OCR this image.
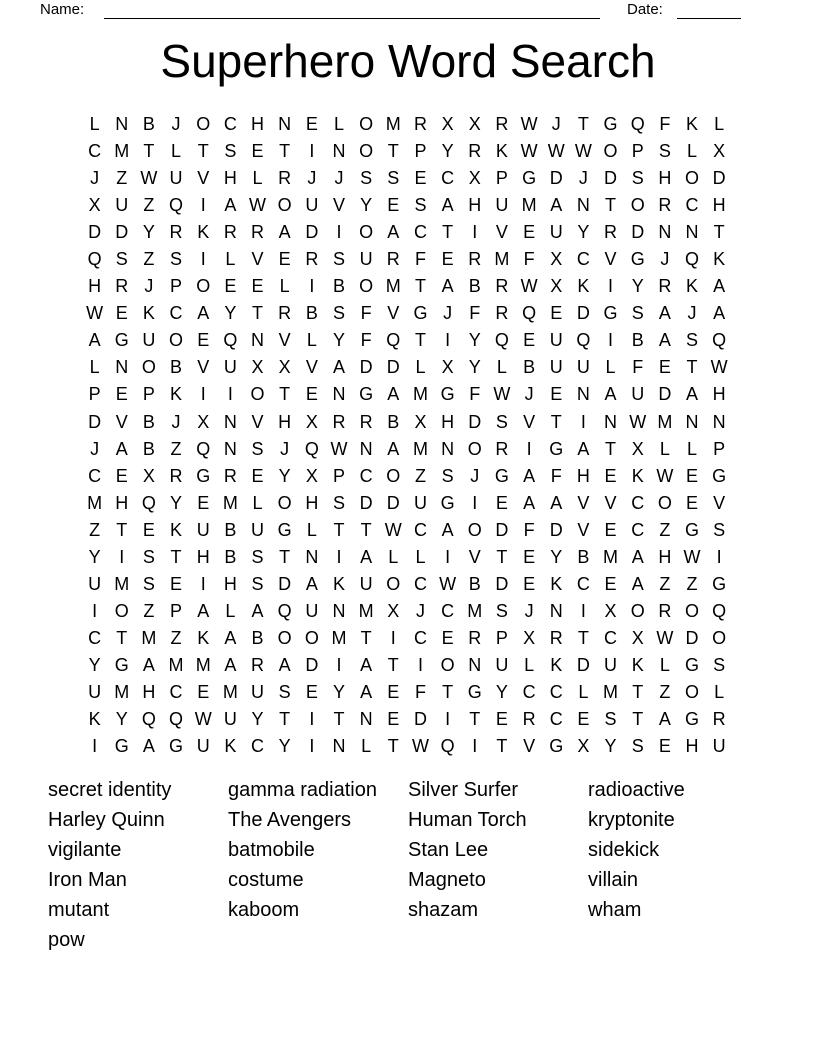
Name:	Date:
Superhero Word Search
L N B J O C H N E L O M R X X R W J T G Q F K L
C M T L T S E T	I	N O T P Y R K W W W O P S L X
J Z W U V H L R J	J S S E C X P G D J D S H O D
X U Z Q I	A W O U V Y E S A H U M A N T O R C H
D D Y R K R R A D	I O A C T	I	V E U Y R D N N T
Q S Z S	I	L V E R S U R F E R M F X C V G J Q K
H R J P O E E L	I	B O M T A B R W X K	I	Y R K A
W E K C A Y T R B S F V G J F R Q E D G S A J A
A G U O E Q N V L Y F Q T	I	Y Q E U Q I	B A S Q
L N O B V U X X V A D D L X Y L B U U L F E T W
P E P K	I	I O T E N G A M G F W J E N A U D A H
D V B J X N V H X R R B X H D S V T	I	N W M N N
J A B Z Q N S J Q W N A M N O R	I G A T X L L P
C E X R G R E Y X P C O Z S J G A F H E K W E G
M H Q Y E M L O H S D D U G I	E A A V V C O E V
Z T E K U B U G L T T W C A O D F D V E C Z G S
Y	I	S T H B S T N	I	A L L	I	V T E Y B M A H W I
U M S E	I	H S D A K U O C W B D E K C E A Z Z G
I O Z P A L A Q U N M X J C M S J N	I	X O R O Q
C T M Z K A B O O M T	I	C E R P X R T C X W D O
Y G A M M A R A D	I	A T	I O N U L K D U K L G S
U M H C E M U S E Y A E F T G Y C C L M T Z O L
K Y Q Q W U Y T	I	T N E D	I	T E R C E S T A G R
I G A G U K C Y	I	N L T W Q I	T V G X Y S E H U
secret identity
Harley Quinn
vigilante
Iron Man
mutant
pow
gamma radiation
The Avengers
batmobile
costume
kaboom
Silver Surfer
Human Torch
Stan Lee
Magneto
shazam
radioactive
kryptonite
sidekick
villain
wham
